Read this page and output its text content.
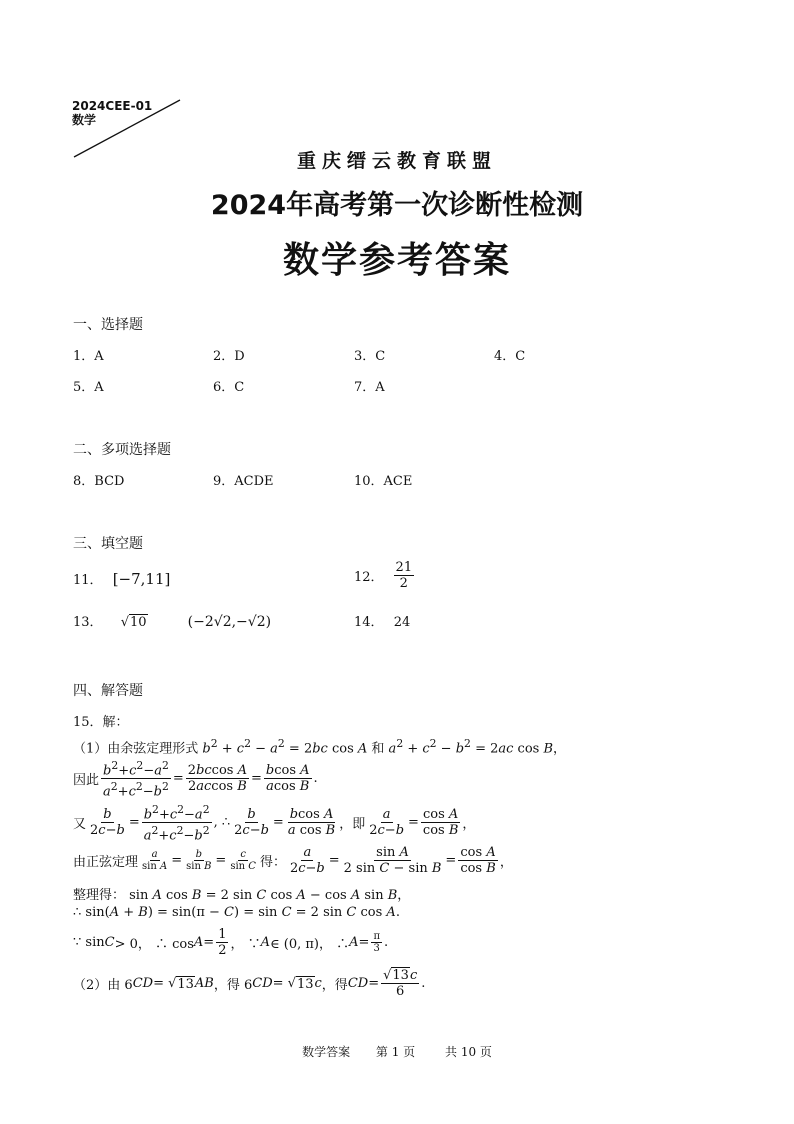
2024CEE-01
数学
重庆缙云教育联盟
2024年高考第一次诊断性检测
数学参考答案
一、选择题
1．A	2．D	3．C	4．C
5．A	6．C	7．A
二、多项选择题
8．BCD	9．ACDE	10．ACE
三、填空题
11． [−7,11]	12． $\frac{21}{2}$
13． √10	(−2√2,−√2)	14． 24
四、解答题
15．解：
（1）由余弦定理形式 $b^2 + c^2 - a^2 = 2bc$ cos A 和 $a^2 + c^2 - b^2 = 2ac$ cos B，
因此 $\frac{b^2+c^2-a^2}{a^2+c^2-b^2} = \frac{\text{2bccos A}}{\text{2accos B}} = \frac{\text{bcos A}}{\text{acos B}}$ .
又 $\frac{b}{2c-b} = \frac{b^2+c^2-a^2}{a^2+c^2-b^2}$ , ∴ $\frac{b}{2c-b} = \frac{\text{bcos A}}{\text{a cos B}}$ ，即 $\frac{a}{2c-b} = \frac{\text{cos A}}{\text{cos B}}$ ，
由正弦定理 $\frac{a}{\text{sin A}} = \frac{b}{\text{sin B}} = \frac{c}{\text{sin C}}$ 得： $\frac{a}{2c-b} = \frac{\text{sin A}}{\text{2 sin C − sin B}} = \frac{\text{cos A}}{\text{cos B}}$ ，
整理得： sin A cos B = 2 sin C cos A − cos A sin B，
∴ sin(A + B) = sin(π − C) = sin C = 2 sin C cos A.
∵ sin C > 0， ∴ $\cos A = \frac{1}{2}$ ， ∵ A ∈ (0, π)， ∴ $A = \frac{\pi}{3}$ .
（2）由 6 CD = √ 13 AB ，得 6 CD = √ 13 c ，得 CD = $\frac{√13c}{6}$ .
数学答案 第 1 页 共 10 页
